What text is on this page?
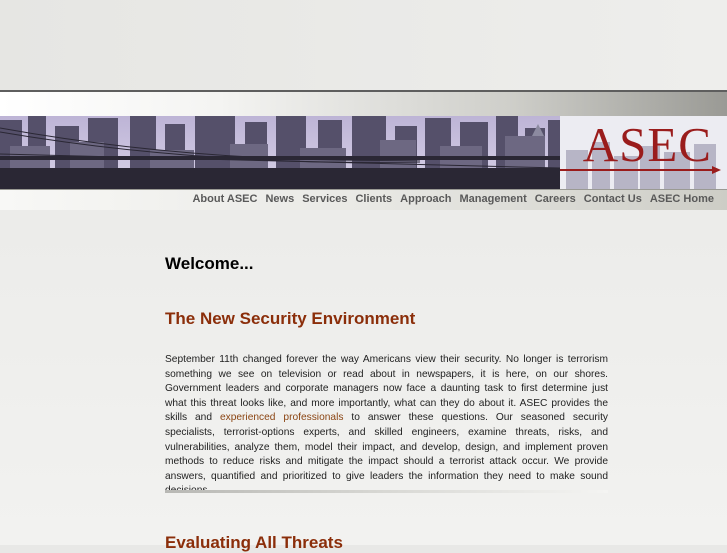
ASEC
About ASEC News Services Clients Approach Management Careers Contact Us ASEC Home
Welcome...
The New Security Environment

September 11th changed forever the way Americans view their security. No longer is terrorism something we see on television or read about in newspapers, it is here, on our shores. Government leaders and corporate managers now face a daunting task to first determine just what this threat looks like, and more importantly, what can they do about it. ASEC provides the skills and experienced professionals to answer these questions. Our seasoned security specialists, terrorist-options experts, and skilled engineers, examine threats, risks, and vulnerabilities, analyze them, model their impact, and develop, design, and implement proven methods to reduce risks and mitigate the impact should a terrorist attack occur. We provide answers, quantified and prioritized to give leaders the information they need to make sound

Evaluating All Threats
